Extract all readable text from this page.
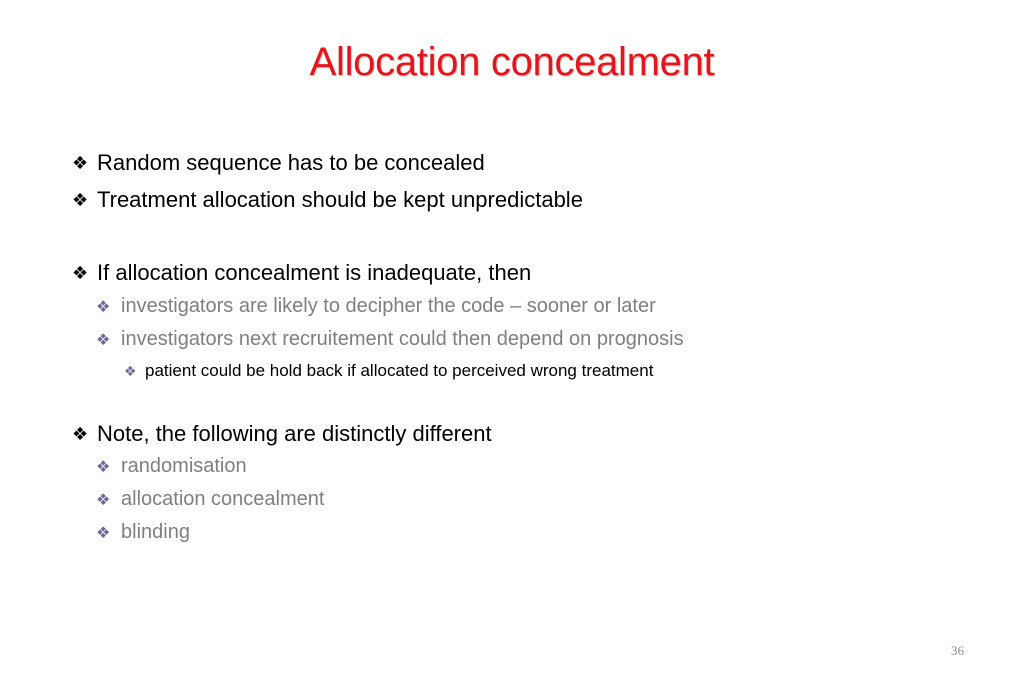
Allocation concealment
❖ Random sequence has to be concealed
❖ Treatment allocation should be kept unpredictable
❖ If allocation concealment is inadequate, then
❖ investigators are likely to decipher the code – sooner or later
❖ investigators next recruitement could then depend on prognosis
❖ patient could be hold back if allocated to perceived wrong treatment
❖ Note, the following are distinctly different
❖ randomisation
❖ allocation concealment
❖ blinding
36
